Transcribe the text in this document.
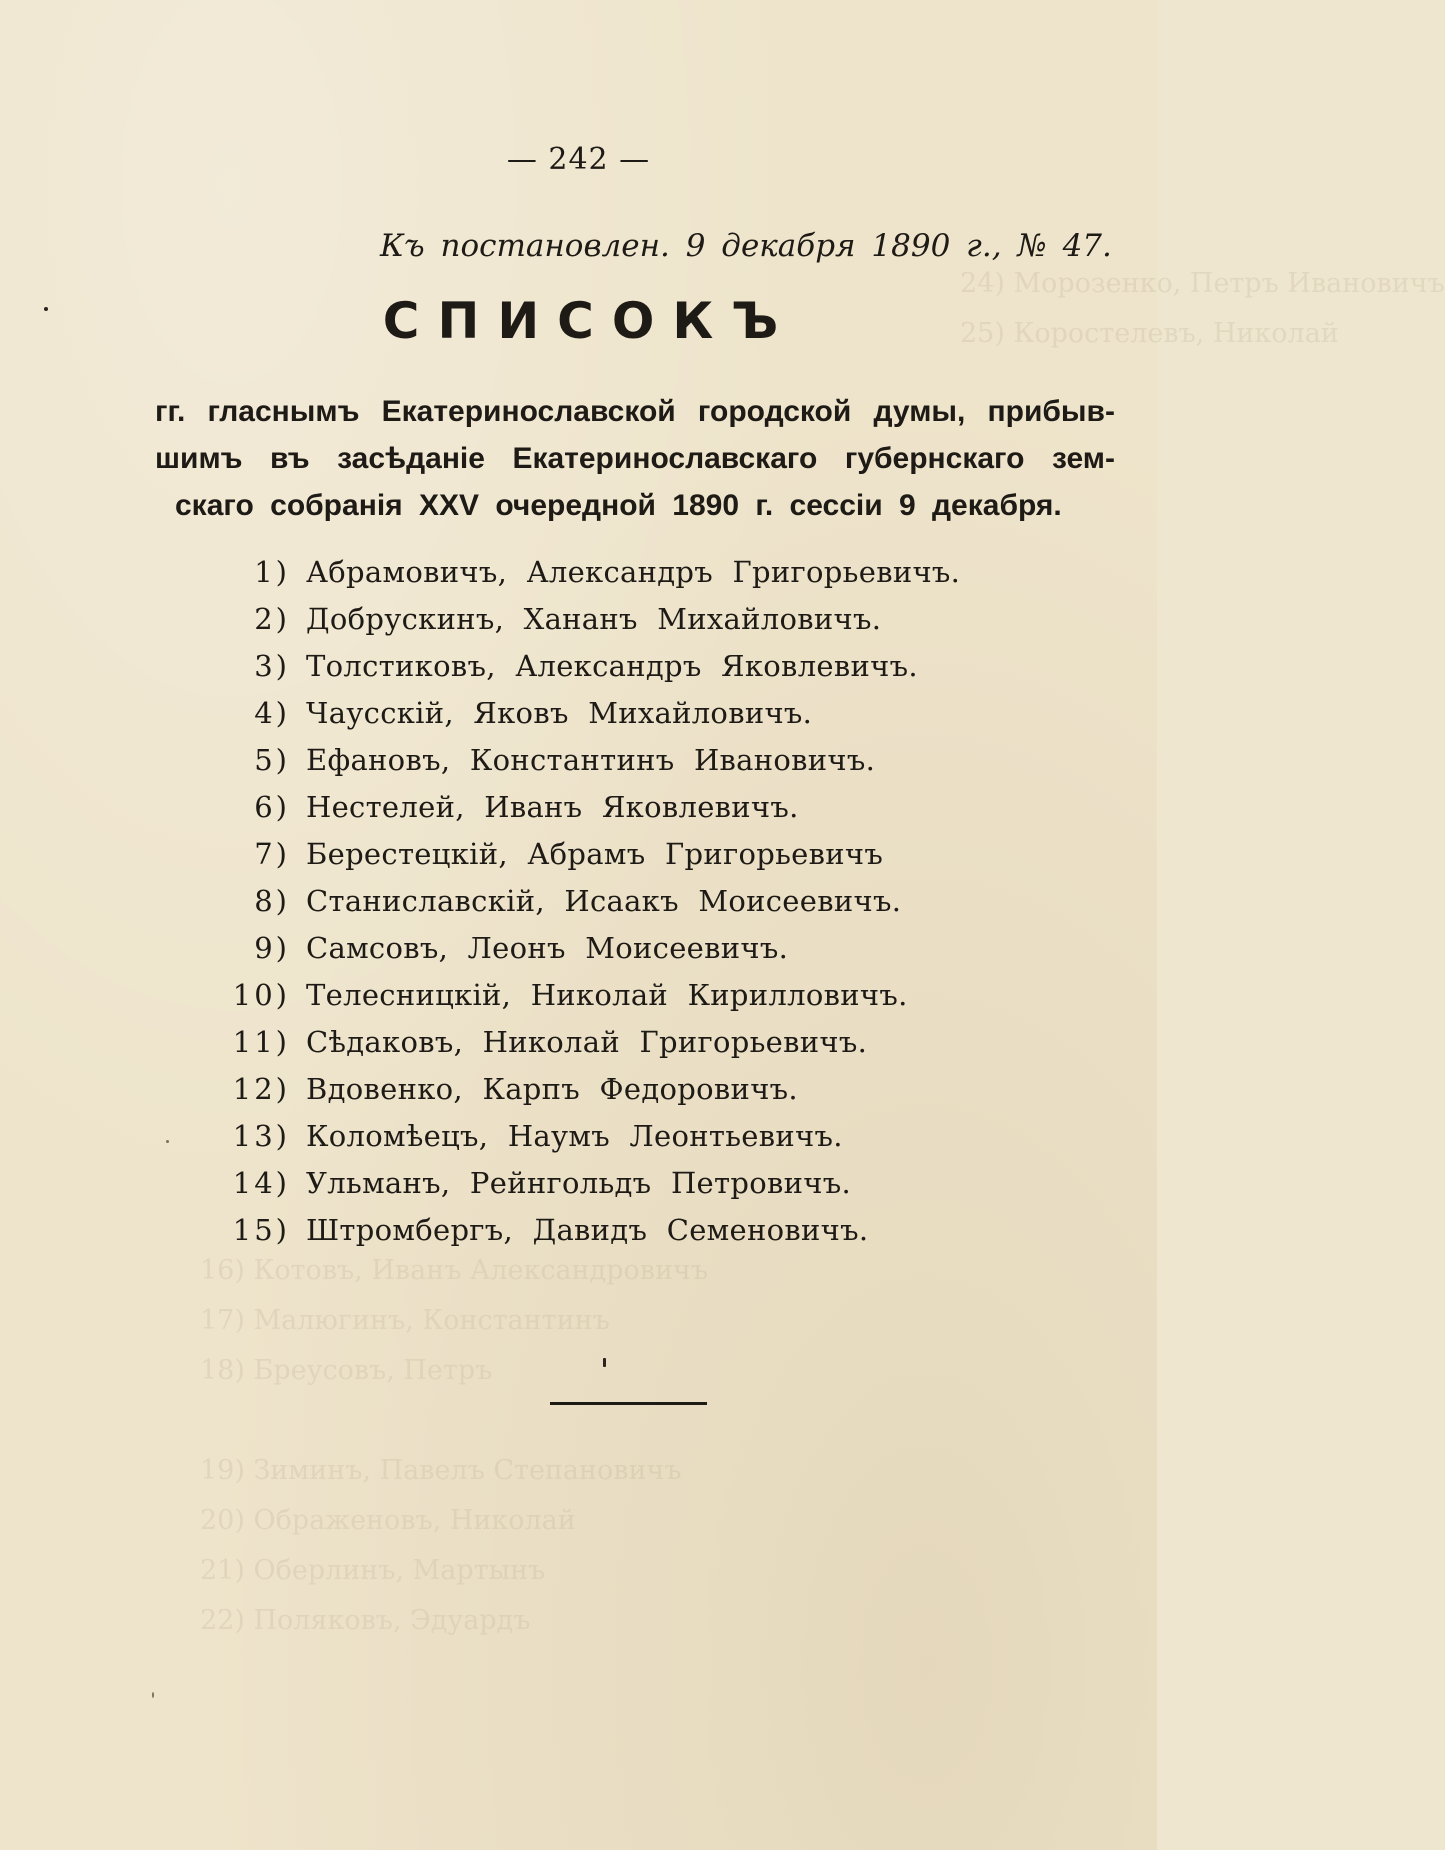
24) Морозенко, Петръ Ивановичъ
25) Коростелевъ, Николай
16) Котовъ, Иванъ Александровичъ
17) Малюгинъ, Константинъ
18) Бреусовъ, Петръ
19) Зиминъ, Павелъ Степановичъ
20) Ображеновъ, Николай
21) Оберлинъ, Мартынъ
22) Поляковъ, Эдуардъ
— 242 —
Къ постановлен. 9 декабря 1890 г., № 47.
СПИСОКЪ
гг. гласнымъ Екатеринославской городской думы, прибыв-
шимъ въ засѣданіе Екатеринославскаго губернскаго зем-
скаго собранія XXV очередной 1890 г. сессіи 9 декабря.
1) Абрамовичъ, Александръ Григорьевичъ.
2) Добрускинъ, Хананъ Михайловичъ.
3) Толстиковъ, Александръ Яковлевичъ.
4) Чаусскій, Яковъ Михайловичъ.
5) Ефановъ, Константинъ Ивановичъ.
6) Нестелей, Иванъ Яковлевичъ.
7) Берестецкій, Абрамъ Григорьевичъ
8) Станиславскій, Исаакъ Моисеевичъ.
9) Самсовъ, Леонъ Моисеевичъ.
10) Телесницкій, Николай Кирилловичъ.
11) Сѣдаковъ, Николай Григорьевичъ.
12) Вдовенко, Карпъ Федоровичъ.
13) Коломѣецъ, Наумъ Леонтьевичъ.
14) Ульманъ, Рейнгольдъ Петровичъ.
15) Штромбергъ, Давидъ Семеновичъ.
